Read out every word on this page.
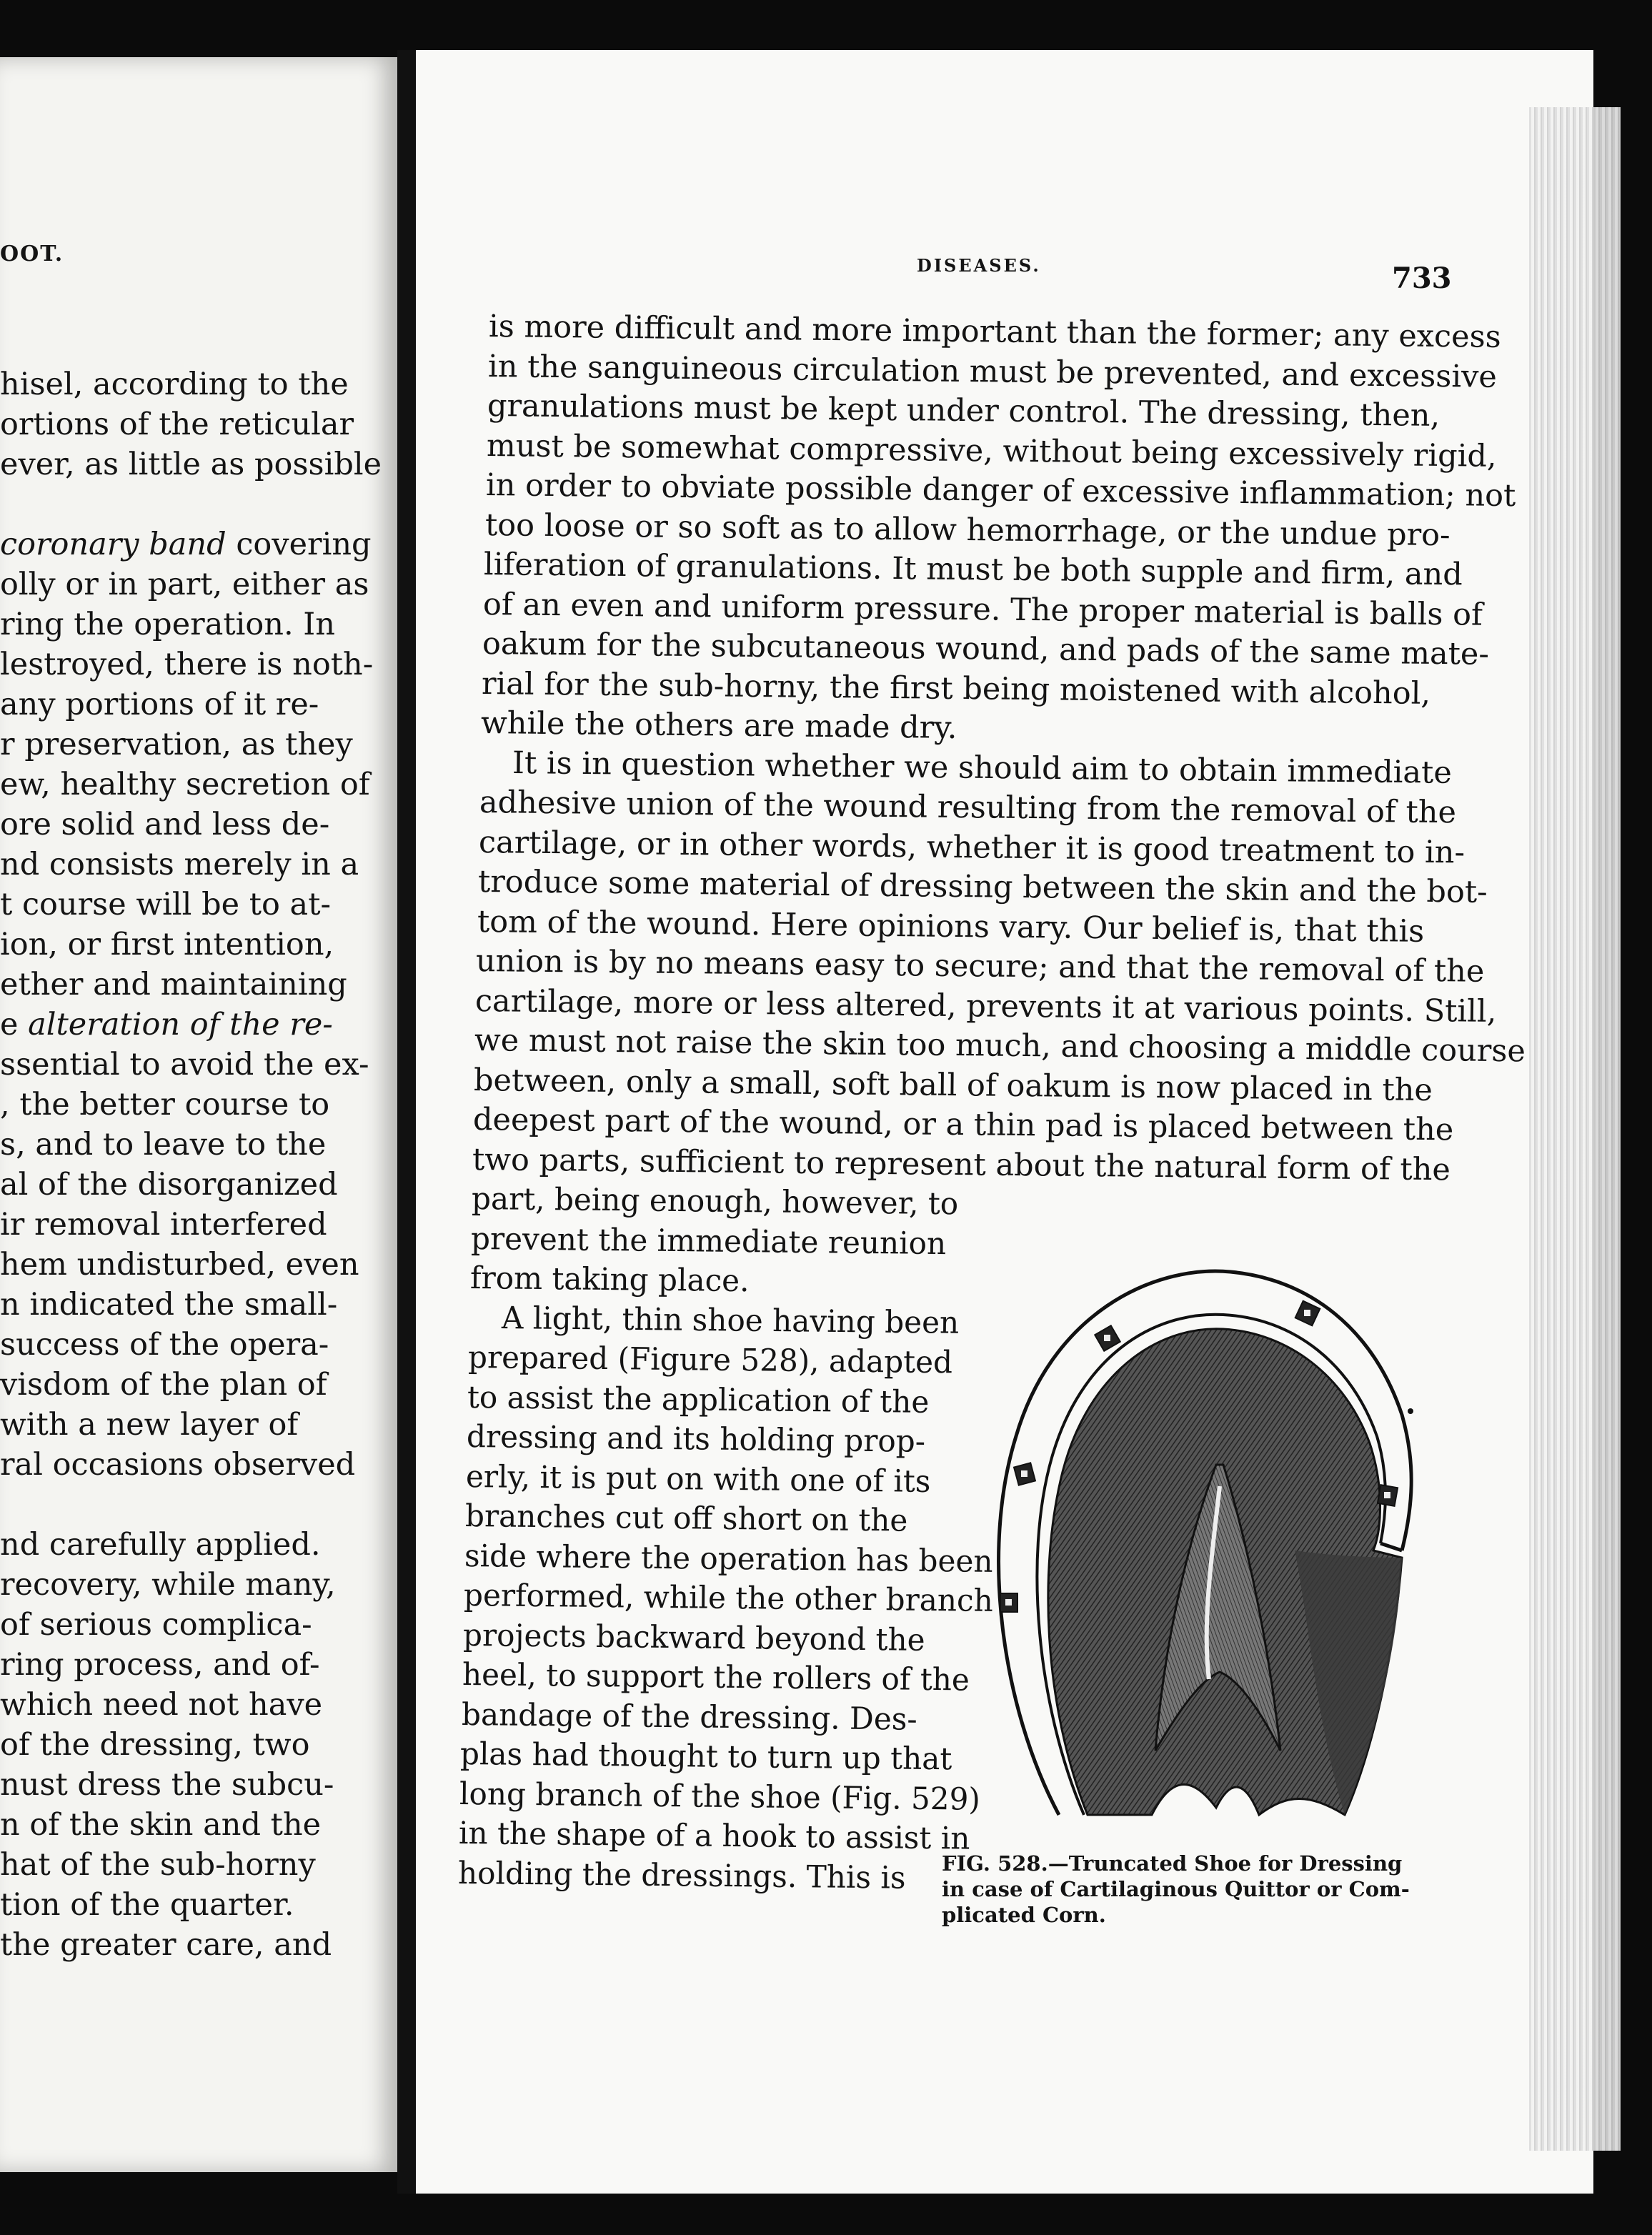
OOT.
hisel, according to the
ortions of the reticular
ever, as little as possible
coronary band covering
olly or in part, either as
ring the operation. In
lestroyed, there is noth-
any portions of it re-
r preservation, as they
ew, healthy secretion of
ore solid and less de-
nd consists merely in a
t course will be to at-
ion, or first intention,
ether and maintaining
e alteration of the re-
ssential to avoid the ex-
, the better course to
s, and to leave to the
al of the disorganized
ir removal interfered
hem undisturbed, even
n indicated the small-
success of the opera-
visdom of the plan of
with a new layer of
ral occasions observed
nd carefully applied.
recovery, while many,
of serious complica-
ring process, and of-
which need not have
of the dressing, two
nust dress the subcu-
n of the skin and the
hat of the sub-horny
tion of the quarter.
the greater care, and
DISEASES.	733
is more difficult and more important than the former; any excess
in the sanguineous circulation must be prevented, and excessive
granulations must be kept under control. The dressing, then,
must be somewhat compressive, without being excessively rigid,
in order to obviate possible danger of excessive inflammation; not
too loose or so soft as to allow hemorrhage, or the undue pro-
liferation of granulations. It must be both supple and firm, and
of an even and uniform pressure. The proper material is balls of
oakum for the subcutaneous wound, and pads of the same mate-
rial for the sub-horny, the first being moistened with alcohol,
while the others are made dry.
It is in question whether we should aim to obtain immediate
adhesive union of the wound resulting from the removal of the
cartilage, or in other words, whether it is good treatment to in-
troduce some material of dressing between the skin and the bot-
tom of the wound. Here opinions vary. Our belief is, that this
union is by no means easy to secure; and that the removal of the
cartilage, more or less altered, prevents it at various points. Still,
we must not raise the skin too much, and choosing a middle course
between, only a small, soft ball of oakum is now placed in the
deepest part of the wound, or a thin pad is placed between the
two parts, sufficient to represent about the natural form of the
part, being enough, however, to
prevent the immediate reunion
from taking place.
A light, thin shoe having been
prepared (Figure 528), adapted
to assist the application of the
dressing and its holding prop-
erly, it is put on with one of its
branches cut off short on the
side where the operation has been
performed, while the other branch
projects backward beyond the
heel, to support the rollers of the
bandage of the dressing. Des-
plas had thought to turn up that
long branch of the shoe (Fig. 529)
in the shape of a hook to assist in
holding the dressings. This is FIG. 528.—Truncated Shoe for Dressing
in case of Cartilaginous Quittor or Com-
plicated Corn.
